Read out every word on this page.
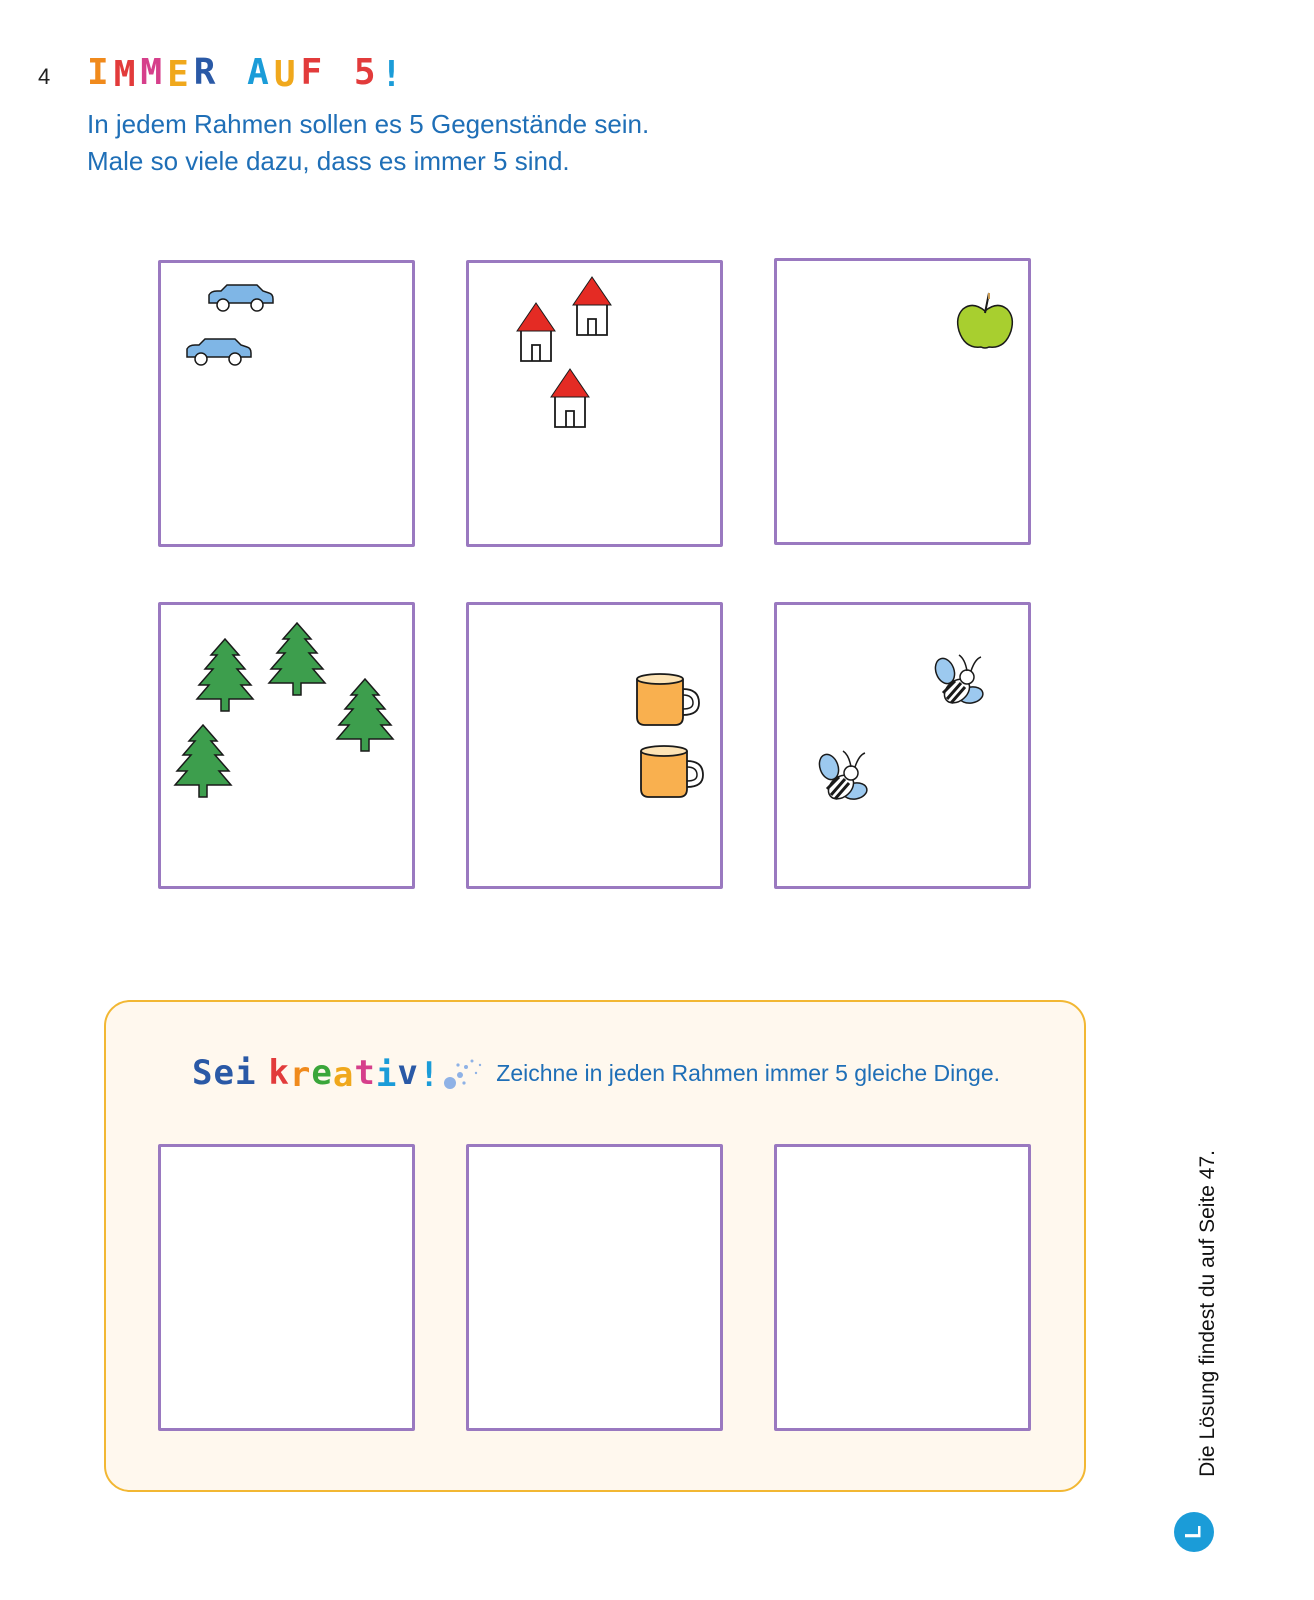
4 IMMER AUF 5!
In jedem Rahmen sollen es 5 Gegenstände sein.
Male so viele dazu, dass es immer 5 sind.
Sei kreativ! Zeichne in jeden Rahmen immer 5 gleiche Dinge.
Die Lösung findest du auf Seite 47.
L
